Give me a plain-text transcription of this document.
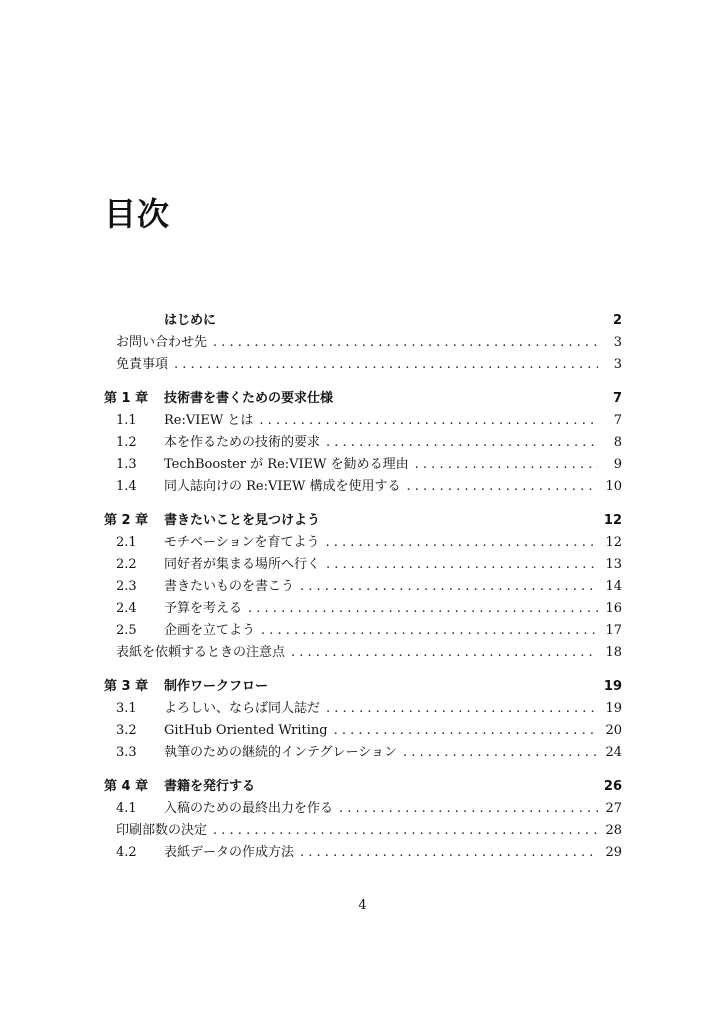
目次
はじめに	2
お問い合わせ先 . . .	3
免責事項 . . .	3
第 1 章	技術書を書くための要求仕様	7
1.1	Re:VIEW とは . . .	7
1.2	本を作るための技術的要求 . . .	8
1.3	TechBooster が Re:VIEW を勧める理由 . . .	9
1.4	同人誌向けの Re:VIEW 構成を使用する . . .	10
第 2 章	書きたいことを見つけよう	12
2.1	モチベーションを育てよう . . .	12
2.2	同好者が集まる場所へ行く . . .	13
2.3	書きたいものを書こう . . .	14
2.4	予算を考える . . .	16
2.5	企画を立てよう . . .	17
表紙を依頼するときの注意点 . . .	18
第 3 章	制作ワークフロー	19
3.1	よろしい、ならば同人誌だ . . .	19
3.2	GitHub Oriented Writing . . .	20
3.3	執筆のための継続的インテグレーション . . .	24
第 4 章	書籍を発行する	26
4.1	入稿のための最終出力を作る . . .	27
印刷部数の決定 . . .	28
4.2	表紙データの作成方法 . . .	29
4
